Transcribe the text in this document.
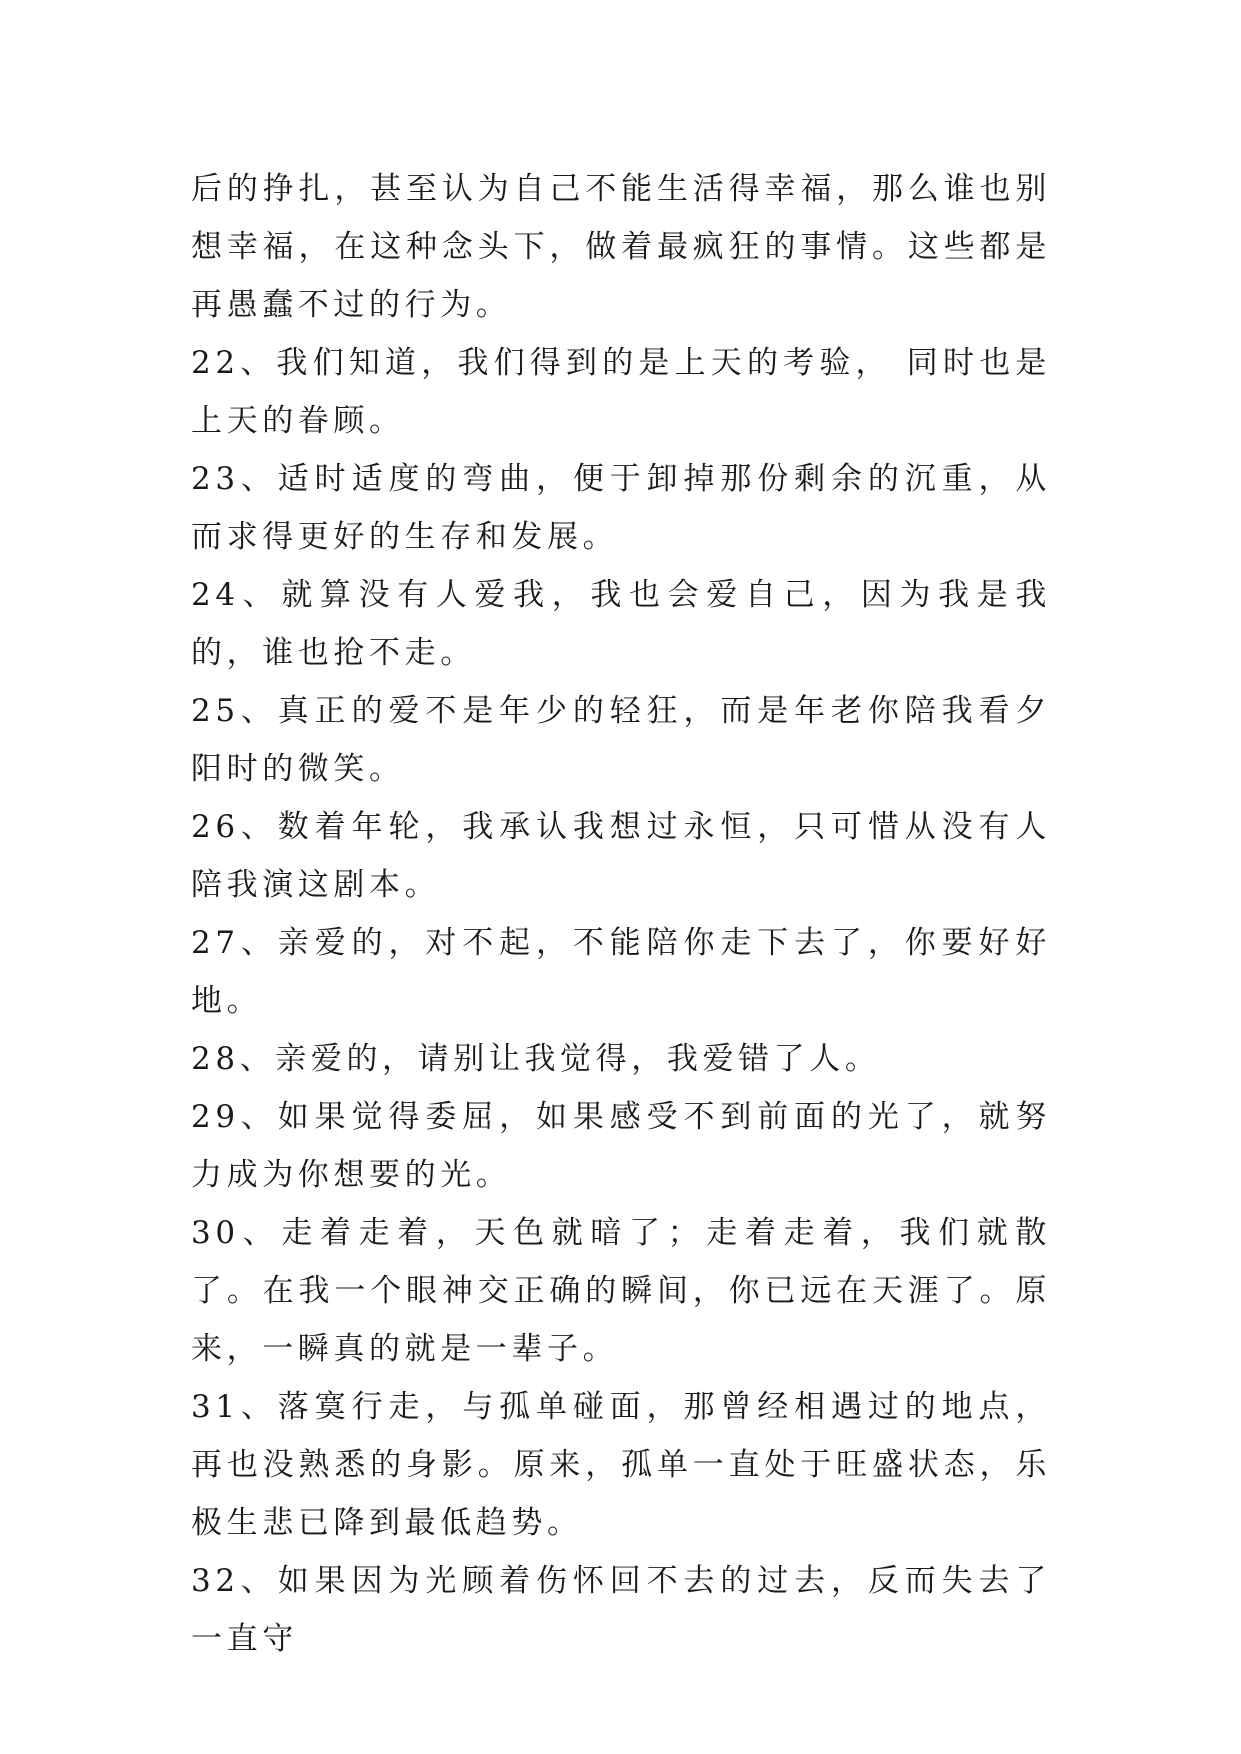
后的挣扎，甚至认为自己不能生活得幸福，那么谁也别想幸福，在这种念头下，做着最疯狂的事情。这些都是再愚蠢不过的行为。

22、我们知道，我们得到的是上天的考验， 同时也是上天的眷顾。

23、适时适度的弯曲，便于卸掉那份剩余的沉重，从而求得更好的生存和发展。

24、就算没有人爱我，我也会爱自己，因为我是我的，谁也抢不走。

25、真正的爱不是年少的轻狂，而是年老你陪我看夕阳时的微笑。

26、数着年轮，我承认我想过永恒，只可惜从没有人陪我演这剧本。

27、亲爱的，对不起，不能陪你走下去了，你要好好地。

28、亲爱的，请别让我觉得，我爱错了人。

29、如果觉得委屈，如果感受不到前面的光了，就努力成为你想要的光。

30、走着走着，天色就暗了；走着走着，我们就散了。在我一个眼神交正确的瞬间，你已远在天涯了。原来，一瞬真的就是一辈子。

31、落寞行走，与孤单碰面，那曾经相遇过的地点，再也没熟悉的身影。原来，孤单一直处于旺盛状态，乐极生悲已降到最低趋势。

32、如果因为光顾着伤怀回不去的过去，反而失去了一直守
